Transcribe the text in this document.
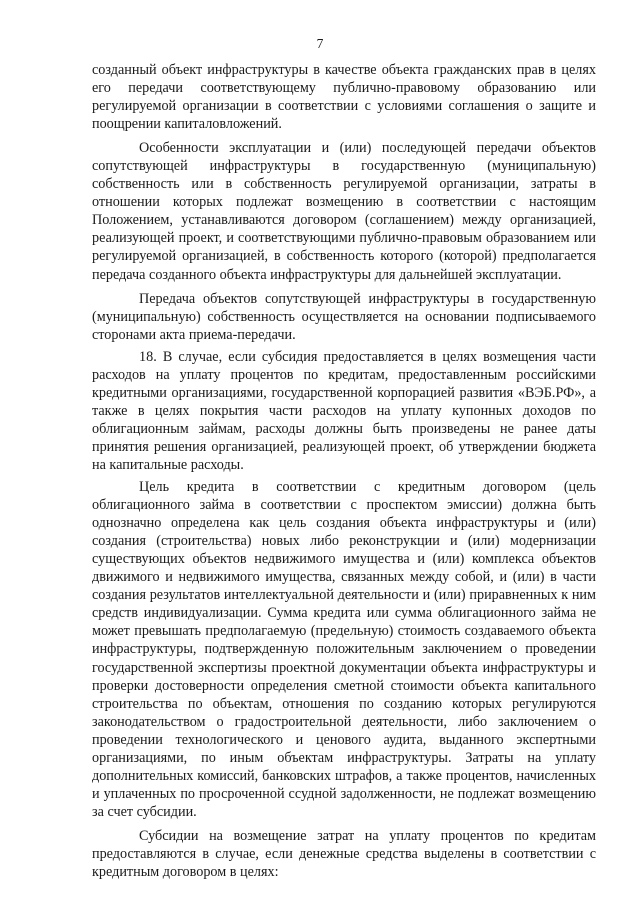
7

созданный объект инфраструктуры в качестве объекта гражданских прав в целях его передачи соответствующему публично-правовому образованию или регулируемой организации в соответствии с условиями соглашения о защите и поощрении капиталовложений.

Особенности эксплуатации и (или) последующей передачи объектов сопутствующей инфраструктуры в государственную (муниципальную) собственность или в собственность регулируемой организации, затраты в отношении которых подлежат возмещению в соответствии с настоящим Положением, устанавливаются договором (соглашением) между организацией, реализующей проект, и соответствующими публично-правовым образованием или регулируемой организацией, в собственность которого (которой) предполагается передача созданного объекта инфраструктуры для дальнейшей эксплуатации.

Передача объектов сопутствующей инфраструктуры в государственную (муниципальную) собственность осуществляется на основании подписываемого сторонами акта приема-передачи.

18. В случае, если субсидия предоставляется в целях возмещения части расходов на уплату процентов по кредитам, предоставленным российскими кредитными организациями, государственной корпорацией развития «ВЭБ.РФ», а также в целях покрытия части расходов на уплату купонных доходов по облигационным займам, расходы должны быть произведены не ранее даты принятия решения организацией, реализующей проект, об утверждении бюджета на капитальные расходы.

Цель кредита в соответствии с кредитным договором (цель облигационного займа в соответствии с проспектом эмиссии) должна быть однозначно определена как цель создания объекта инфраструктуры и (или) создания (строительства) новых либо реконструкции и (или) модернизации существующих объектов недвижимого имущества и (или) комплекса объектов движимого и недвижимого имущества, связанных между собой, и (или) в части создания результатов интеллектуальной деятельности и (или) приравненных к ним средств индивидуализации. Сумма кредита или сумма облигационного займа не может превышать предполагаемую (предельную) стоимость создаваемого объекта инфраструктуры, подтвержденную положительным заключением о проведении государственной экспертизы проектной документации объекта инфраструктуры и проверки достоверности определения сметной стоимости объекта капитального строительства по объектам, отношения по созданию которых регулируются законодательством о градостроительной деятельности, либо заключением о проведении технологического и ценового аудита, выданного экспертными организациями, по иным объектам инфраструктуры. Затраты на уплату дополнительных комиссий, банковских штрафов, а также процентов, начисленных и уплаченных по просроченной ссудной задолженности, не подлежат возмещению за счет субсидии.

Субсидии на возмещение затрат на уплату процентов по кредитам предоставляются в случае, если денежные средства выделены в соответствии с кредитным договором в целях:
